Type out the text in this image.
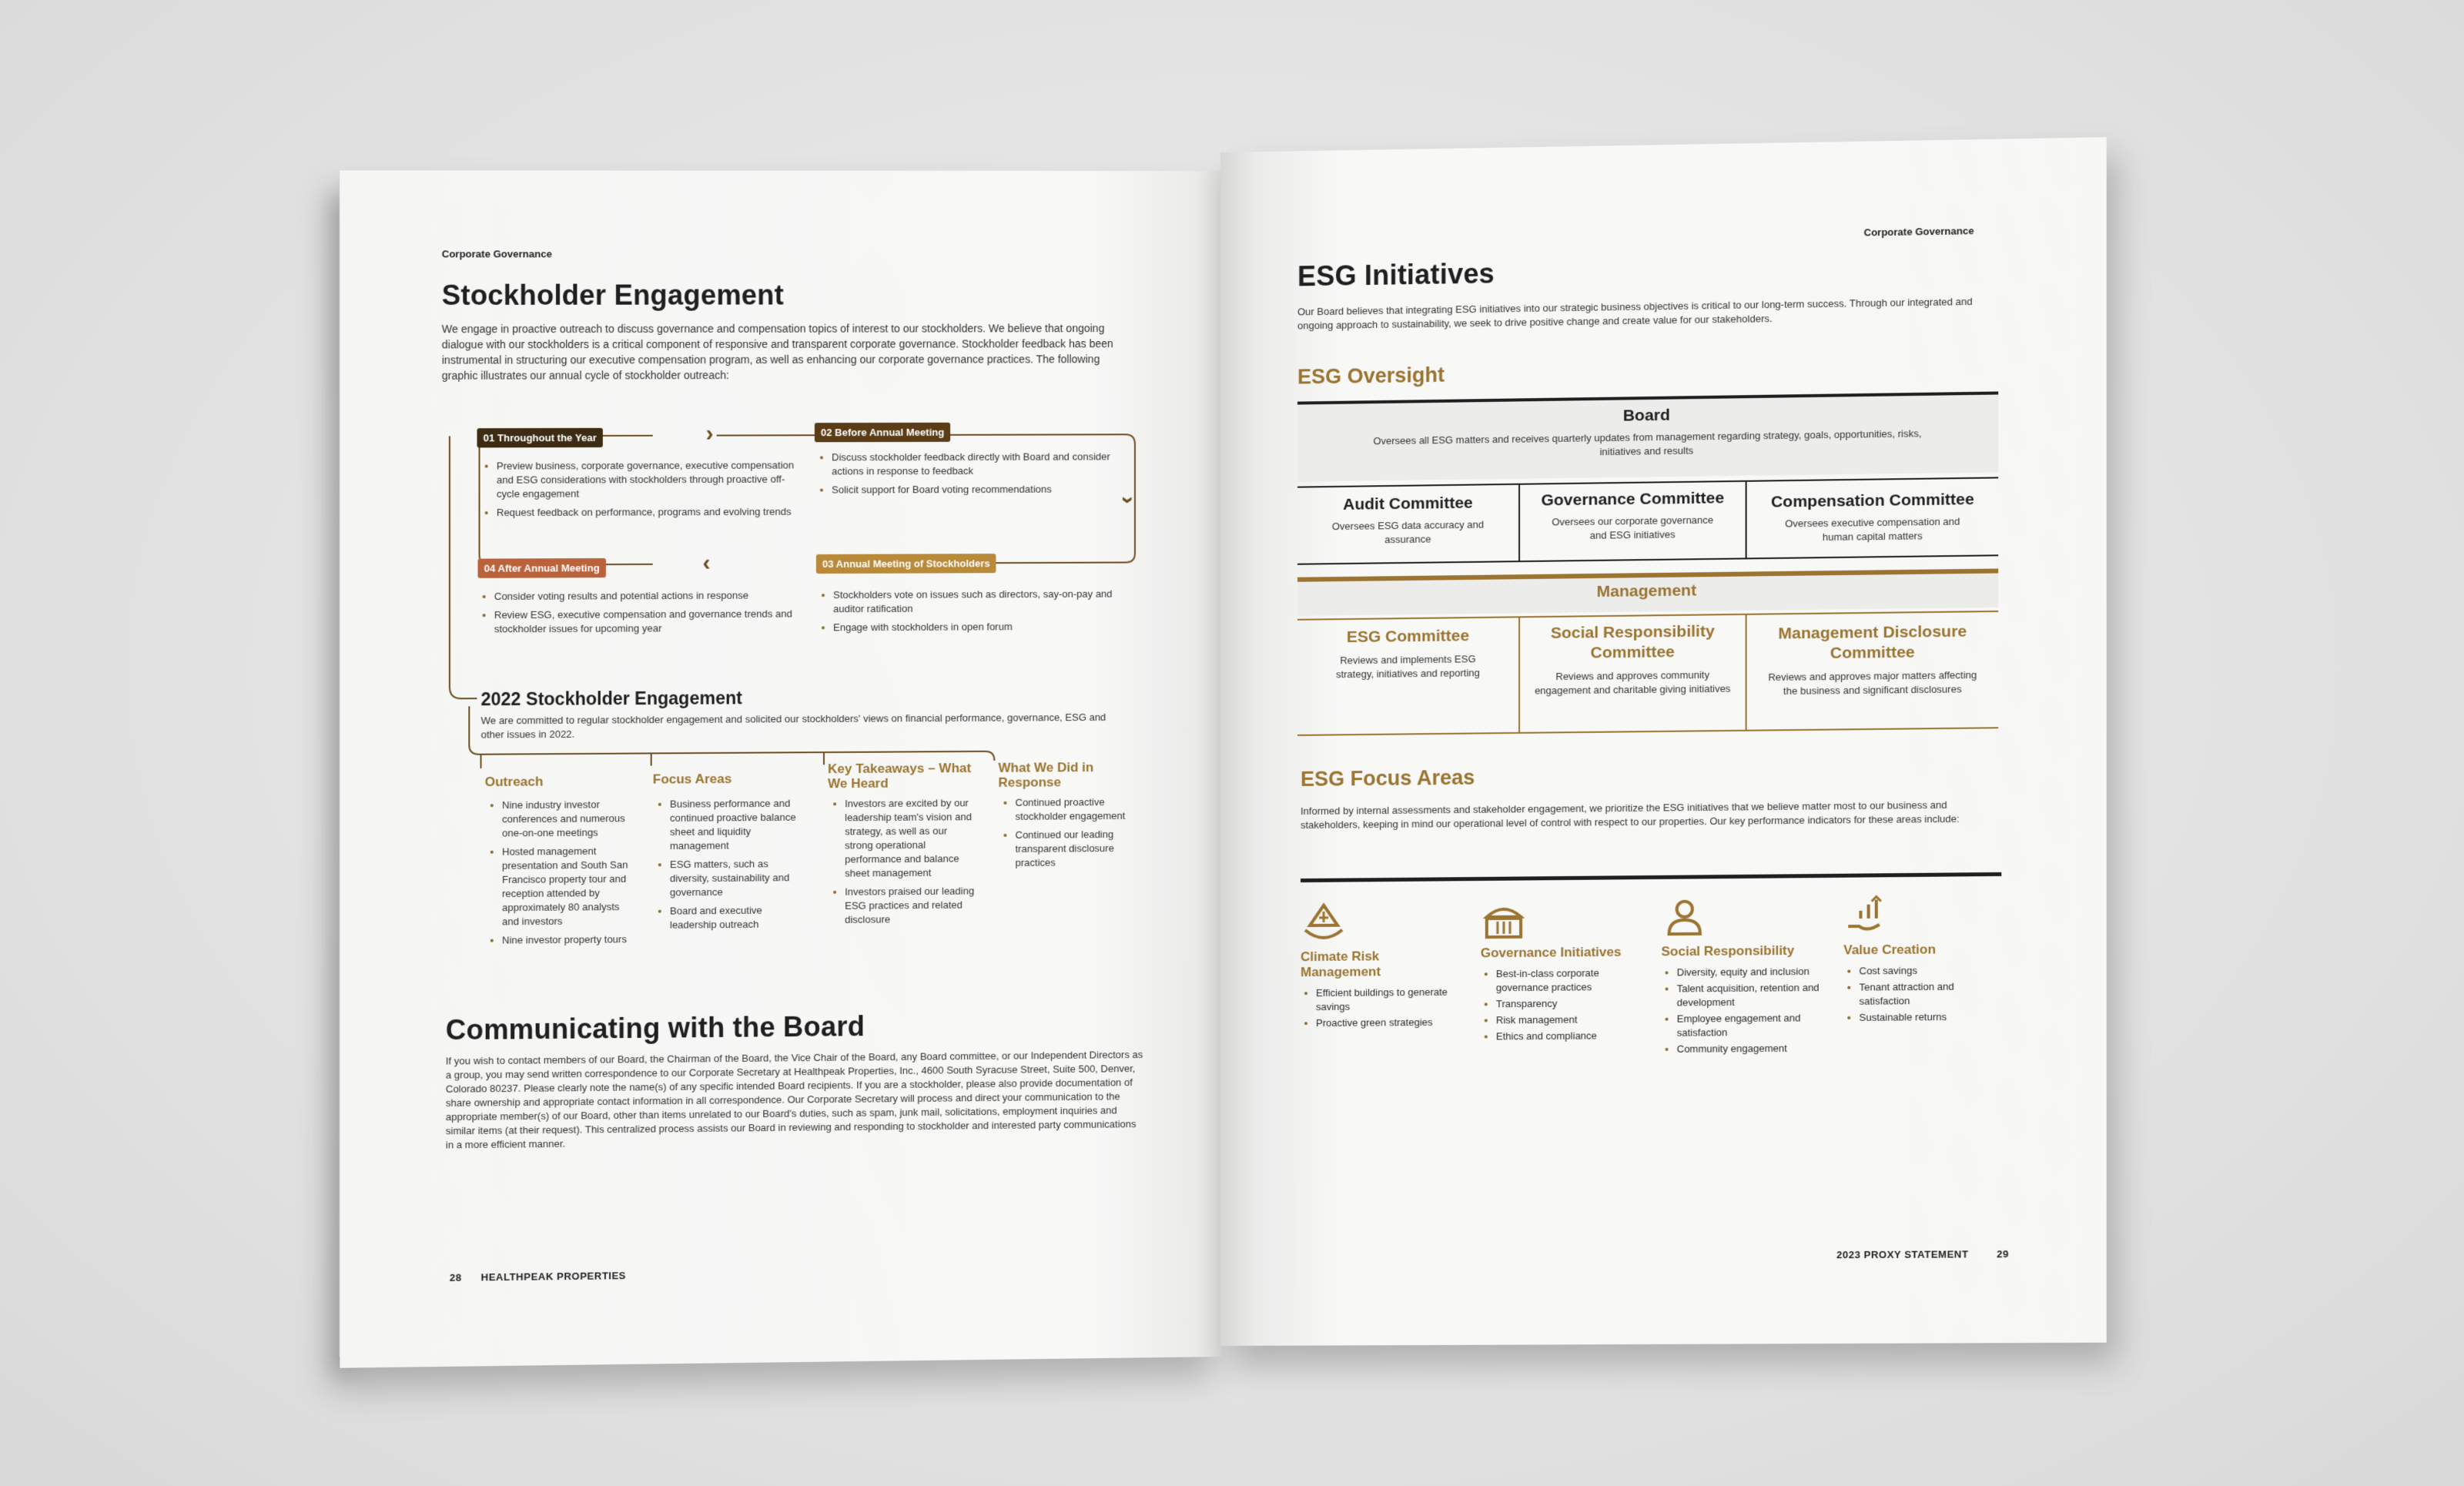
Corporate Governance
Stockholder Engagement
We engage in proactive outreach to discuss governance and compensation topics of interest to our stockholders. We believe that ongoing dialogue with our stockholders is a critical component of responsive and transparent corporate governance. Stockholder feedback has been instrumental in structuring our executive compensation program, as well as enhancing our corporate governance practices. The following graphic illustrates our annual cycle of stockholder outreach:
›
›
‹
01 Throughout the Year	02 Before Annual Meeting
03 Annual Meeting of Stockholders
04 After Annual Meeting
• Preview business, corporate governance, executive compensation and ESG considerations with stockholders through proactive off-cycle engagement
• Request feedback on performance, programs and evolving trends
• Discuss stockholder feedback directly with Board and consider actions in response to feedback
• Solicit support for Board voting recommendations
• Stockholders vote on issues such as directors, say-on-pay and auditor ratification
• Engage with stockholders in open forum
• Consider voting results and potential actions in response
• Review ESG, executive compensation and governance trends and stockholder issues for upcoming year
2022 Stockholder Engagement
We are committed to regular stockholder engagement and solicited our stockholders' views on financial performance, governance, ESG and other issues in 2022.
Outreach
• Nine industry investor conferences and numerous one-on-one meetings
• Hosted management presentation and South San Francisco property tour and reception attended by approximately 80 analysts and investors
• Nine investor property tours
Focus Areas
• Business performance and continued proactive balance sheet and liquidity management
• ESG matters, such as diversity, sustainability and governance
• Board and executive leadership outreach
Key Takeaways – What We Heard
• Investors are excited by our leadership team's vision and strategy, as well as our strong operational performance and balance sheet management
• Investors praised our leading ESG practices and related disclosure
What We Did in Response
• Continued proactive stockholder engagement
• Continued our leading transparent disclosure practices
Communicating with the Board
If you wish to contact members of our Board, the Chairman of the Board, the Vice Chair of the Board, any Board committee, or our Independent Directors as a group, you may send written correspondence to our Corporate Secretary at Healthpeak Properties, Inc., 4600 South Syracuse Street, Suite 500, Denver, Colorado 80237. Please clearly note the name(s) of any specific intended Board recipients. If you are a stockholder, please also provide documentation of share ownership and appropriate contact information in all correspondence. Our Corporate Secretary will process and direct your communication to the appropriate member(s) of our Board, other than items unrelated to our Board's duties, such as spam, junk mail, solicitations, employment inquiries and similar items (at their request). This centralized process assists our Board in reviewing and responding to stockholder and interested party communications in a more efficient manner.
28 HEALTHPEAK PROPERTIES
Corporate Governance
ESG Initiatives
Our Board believes that integrating ESG initiatives into our strategic business objectives is critical to our long-term success. Through our integrated and ongoing approach to sustainability, we seek to drive positive change and create value for our stakeholders.
ESG Oversight
Board
Oversees all ESG matters and receives quarterly updates from management regarding strategy, goals, opportunities, risks, initiatives and results
Audit Committee
Oversees ESG data accuracy and assurance
Governance Committee
Oversees our corporate governance and ESG initiatives
Compensation Committee
Oversees executive compensation and human capital matters
Management
ESG Committee
Reviews and implements ESG strategy, initiatives and reporting
Social Responsibility Committee
Reviews and approves community engagement and charitable giving initiatives
Management Disclosure Committee
Reviews and approves major matters affecting the business and significant disclosures
ESG Focus Areas
Informed by internal assessments and stakeholder engagement, we prioritize the ESG initiatives that we believe matter most to our business and stakeholders, keeping in mind our operational level of control with respect to our properties. Our key performance indicators for these areas include:
Climate Risk Management
• Efficient buildings to generate savings
• Proactive green strategies
Governance Initiatives
• Best-in-class corporate governance practices
• Transparency
• Risk management
• Ethics and compliance
Social Responsibility
• Diversity, equity and inclusion
• Talent acquisition, retention and development
• Employee engagement and satisfaction
• Community engagement
Value Creation
• Cost savings
• Tenant attraction and satisfaction
• Sustainable returns
2023 PROXY STATEMENT	29
